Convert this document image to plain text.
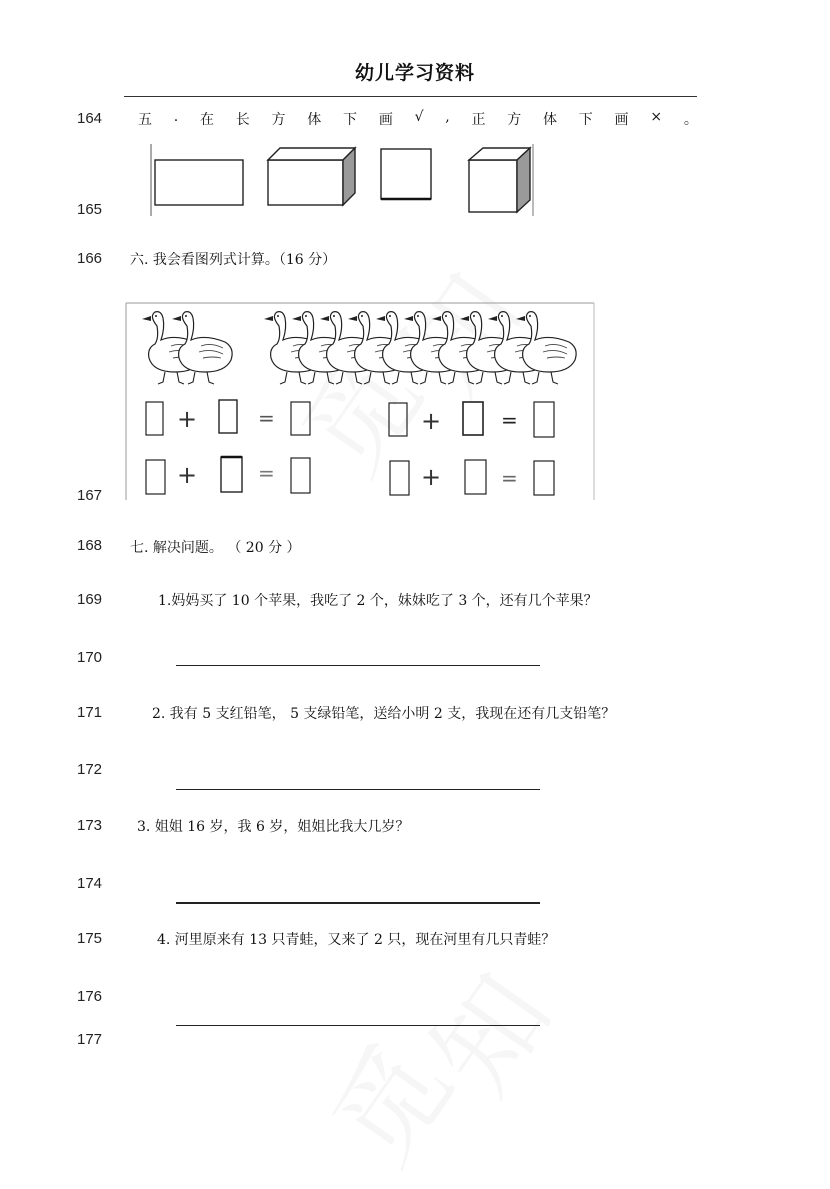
幼儿学习资料
164
165
166
167
168
169
170
171
172
173
174
175
176
177
五 . 在 长 方 体 下 画 √ , 正 方 体 下 画 × 。
六. 我会看图列式计算。（16 分）
+	=	+	=
+	=	+	=
七. 解决问题。 （ 20 分 ）
1.妈妈买了 10 个苹果，我吃了 2 个，妹妹吃了 3 个，还有几个苹果？
2. 我有 5 支红铅笔， 5 支绿铅笔，送给小明 2 支，我现在还有几支铅笔？
3. 姐姐 16 岁，我 6 岁，姐姐比我大几岁？
4. 河里原来有 13 只青蛙，又来了 2 只，现在河里有几只青蛙？
